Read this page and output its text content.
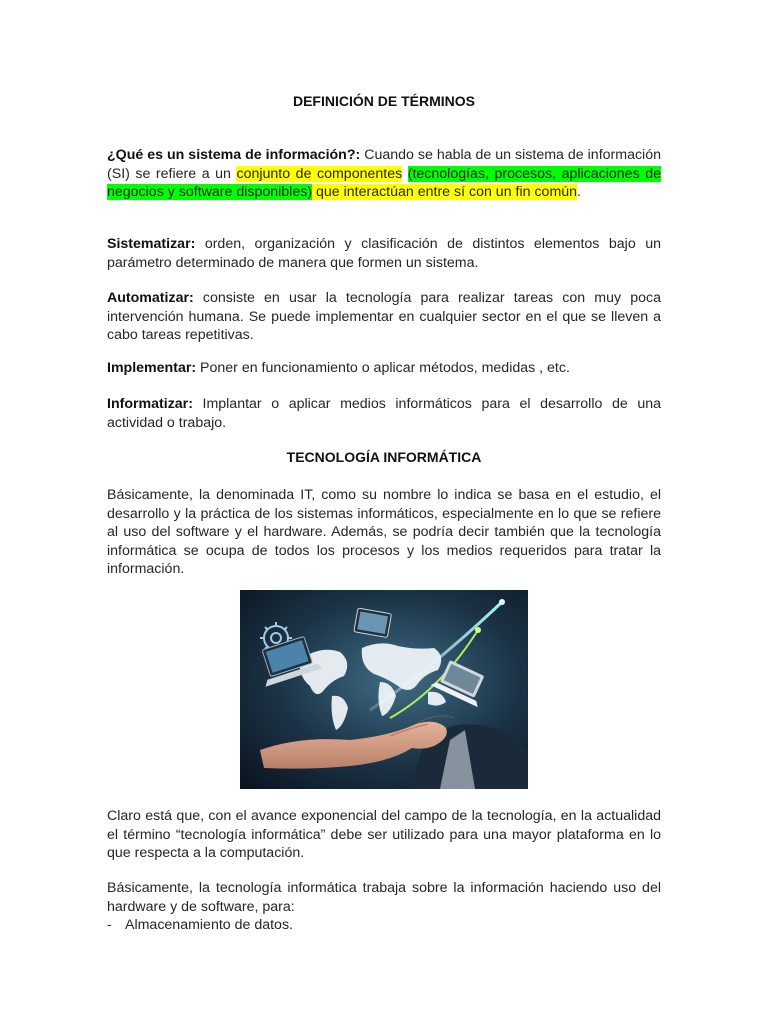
DEFINICIÓN DE TÉRMINOS
¿Qué es un sistema de información?: Cuando se habla de un sistema de información (SI) se refiere a un conjunto de componentes (tecnologías, procesos, aplicaciones de negocios y software disponibles) que interactúan entre sí con un fin común.
Sistematizar: orden, organización y clasificación de distintos elementos bajo un parámetro determinado de manera que formen un sistema.
Automatizar: consiste en usar la tecnología para realizar tareas con muy poca intervención humana. Se puede implementar en cualquier sector en el que se lleven a cabo tareas repetitivas.
Implementar: Poner en funcionamiento o aplicar métodos, medidas , etc.
Informatizar: Implantar o aplicar medios informáticos para el desarrollo de una actividad o trabajo.
TECNOLOGÍA INFORMÁTICA
Básicamente, la denominada IT, como su nombre lo indica se basa en el estudio, el desarrollo y la práctica de los sistemas informáticos, especialmente en lo que se refiere al uso del software y el hardware. Además, se podría decir también que la tecnología informática se ocupa de todos los procesos y los medios requeridos para tratar la información.
Claro está que, con el avance exponencial del campo de la tecnología, en la actualidad el término “tecnología informática” debe ser utilizado para una mayor plataforma en lo que respecta a la computación.
Básicamente, la tecnología informática trabaja sobre la información haciendo uso del hardware y de software, para:
- Almacenamiento de datos.
